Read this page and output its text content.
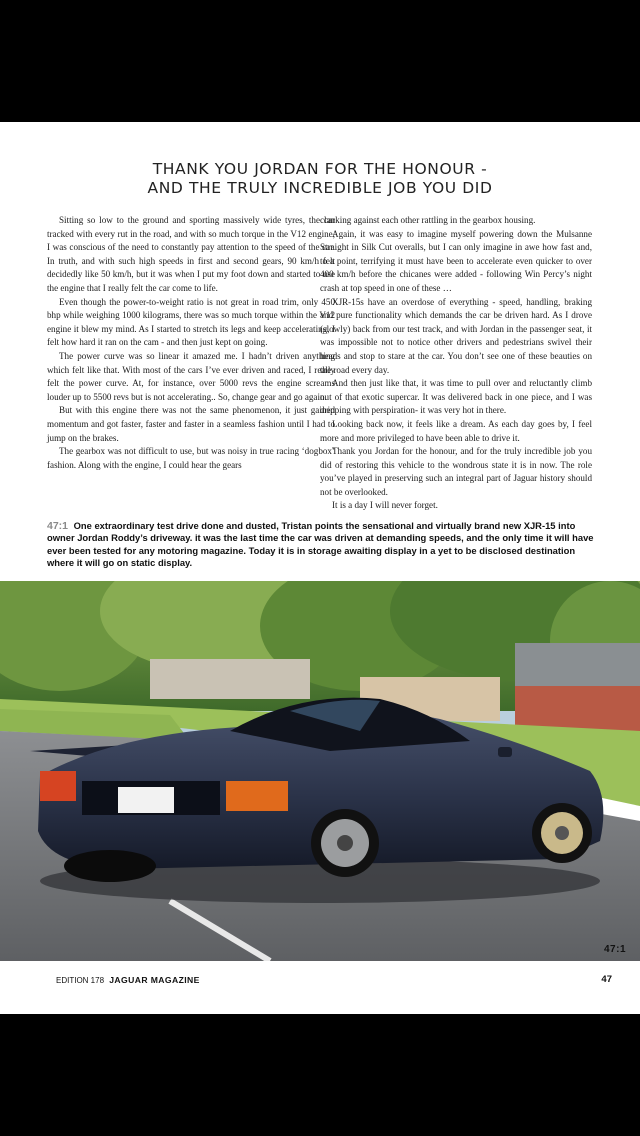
THANK YOU JORDAN FOR THE HONOUR -
AND THE TRULY INCREDIBLE JOB YOU DID

Sitting so low to the ground and sporting massively wide tyres, the car tracked with every rut in the road, and with so much torque in the V12 engine, I was conscious of the need to constantly pay attention to the speed of the car. In truth, and with such high speeds in first and second gears, 90 km/h felt decidedly like 50 km/h, but it was when I put my foot down and started to use the engine that I really felt the car come to life.

Even though the power-to-weight ratio is not great in road trim, only 450 bhp while weighing 1000 kilograms, there was so much torque within the V12 engine it blew my mind. As I started to stretch its legs and keep accelerating, I felt how hard it ran on the cam - and then just kept on going.

The power curve was so linear it amazed me. I hadn’t driven anything which felt like that. With most of the cars I’ve ever driven and raced, I really felt the power curve. At, for instance, over 5000 revs the engine screams louder up to 5500 revs but is not accelerating.. So, change gear and go again.

But with this engine there was not the same phenomenon, it just gained momentum and got faster, faster and faster in a seamless fashion until I had to jump on the brakes.

The gearbox was not difficult to use, but was noisy in true racing ‘dogbox’ fashion. Along with the engine, I could hear the gears

clanking against each other rattling in the gearbox housing.

Again, it was easy to imagine myself powering down the Mulsanne Straight in Silk Cut overalls, but I can only imagine in awe how fast and, to a point, terrifying it must have been to accelerate even quicker to over 400 km/h before the chicanes were added - following Win Percy’s night crash at top speed in one of these …

XJR-15s have an overdose of everything - speed, handling, braking and pure functionality which demands the car be driven hard. As I drove (slowly) back from our test track, and with Jordan in the passenger seat, it was impossible not to notice other drivers and pedestrians swivel their heads and stop to stare at the car. You don’t see one of these beauties on the road every day.

And then just like that, it was time to pull over and reluctantly climb out of that exotic supercar. It was delivered back in one piece, and I was dripping with perspiration- it was very hot in there.

Looking back now, it feels like a dream. As each day goes by, I feel more and more privileged to have been able to drive it.

Thank you Jordan for the honour, and for the truly incredible job you did of restoring this vehicle to the wondrous state it is in now. The role you’ve played in preserving such an integral part of Jaguar history should not be overlooked.

It is a day I will never forget.

47:1 One extraordinary test drive done and dusted, Tristan points the sensational and virtually brand new XJR-15 into owner Jordan Roddy’s driveway. it was the last time the car was driven at demanding speeds, and the only time it will have ever been tested for any motoring magazine. Today it is in storage awaiting display in a yet to be disclosed destination where it will go on static display.
47:1
EDITION 178 JAGUAR MAGAZINE	47
